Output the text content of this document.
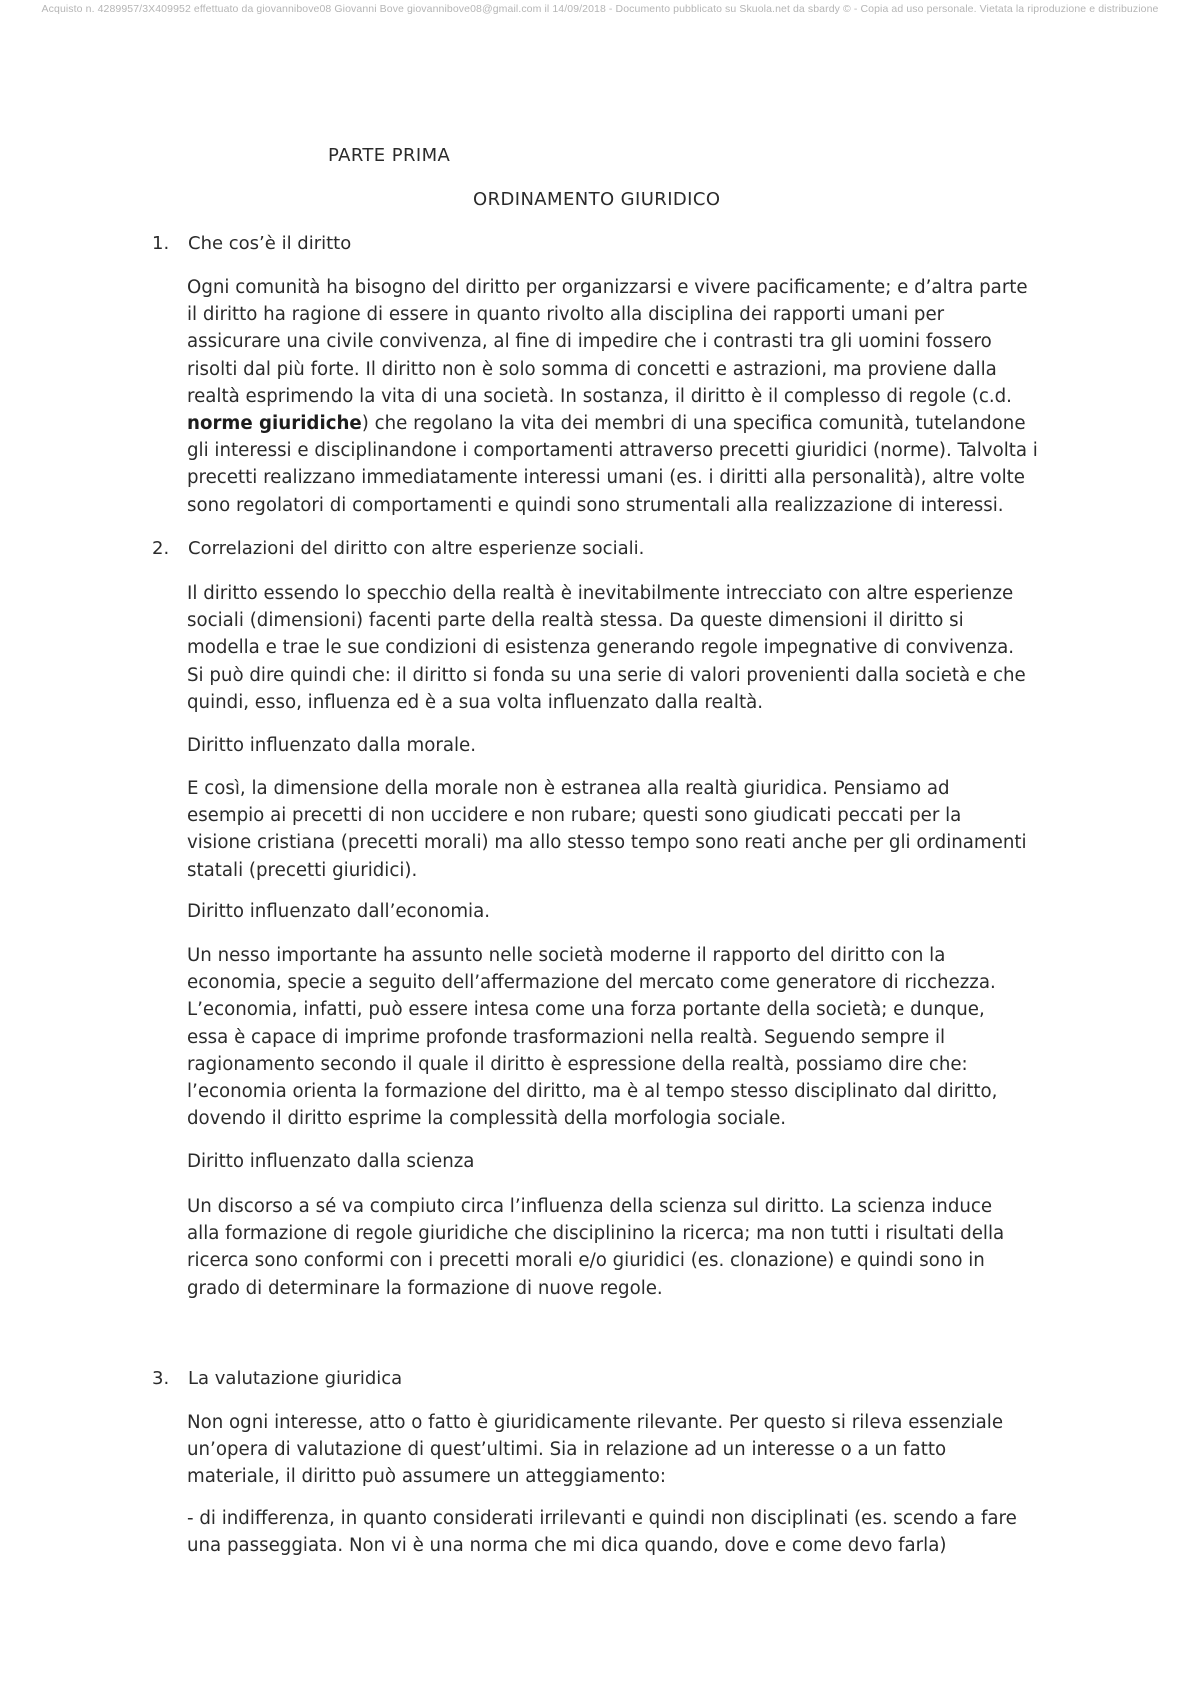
Acquisto n. 4289957/3X409952 effettuato da giovannibove08 Giovanni Bove giovannibove08@gmail.com il 14/09/2018 - Documento pubblicato su Skuola.net da sbardy © - Copia ad uso personale. Vietata la riproduzione e distribuzione
PARTE PRIMA
ORDINAMENTO GIURIDICO
1. Che cos’è il diritto
Ogni comunità ha bisogno del diritto per organizzarsi e vivere pacificamente; e d’altra parte
il diritto ha ragione di essere in quanto rivolto alla disciplina dei rapporti umani per
assicurare una civile convivenza, al fine di impedire che i contrasti tra gli uomini fossero
risolti dal più forte. Il diritto non è solo somma di concetti e astrazioni, ma proviene dalla
realtà esprimendo la vita di una società. In sostanza, il diritto è il complesso di regole (c.d.
norme giuridiche) che regolano la vita dei membri di una specifica comunità, tutelandone
gli interessi e disciplinandone i comportamenti attraverso precetti giuridici (norme). Talvolta i
precetti realizzano immediatamente interessi umani (es. i diritti alla personalità), altre volte
sono regolatori di comportamenti e quindi sono strumentali alla realizzazione di interessi.
2. Correlazioni del diritto con altre esperienze sociali.
Il diritto essendo lo specchio della realtà è inevitabilmente intrecciato con altre esperienze
sociali (dimensioni) facenti parte della realtà stessa. Da queste dimensioni il diritto si
modella e trae le sue condizioni di esistenza generando regole impegnative di convivenza.
Si può dire quindi che: il diritto si fonda su una serie di valori provenienti dalla società e che
quindi, esso, influenza ed è a sua volta influenzato dalla realtà.
Diritto influenzato dalla morale.
E così, la dimensione della morale non è estranea alla realtà giuridica. Pensiamo ad
esempio ai precetti di non uccidere e non rubare; questi sono giudicati peccati per la
visione cristiana (precetti morali) ma allo stesso tempo sono reati anche per gli ordinamenti
statali (precetti giuridici).
Diritto influenzato dall’economia.
Un nesso importante ha assunto nelle società moderne il rapporto del diritto con la
economia, specie a seguito dell’affermazione del mercato come generatore di ricchezza.
L’economia, infatti, può essere intesa come una forza portante della società; e dunque,
essa è capace di imprime profonde trasformazioni nella realtà. Seguendo sempre il
ragionamento secondo il quale il diritto è espressione della realtà, possiamo dire che:
l’economia orienta la formazione del diritto, ma è al tempo stesso disciplinato dal diritto,
dovendo il diritto esprime la complessità della morfologia sociale.
Diritto influenzato dalla scienza
Un discorso a sé va compiuto circa l’influenza della scienza sul diritto. La scienza induce
alla formazione di regole giuridiche che disciplinino la ricerca; ma non tutti i risultati della
ricerca sono conformi con i precetti morali e/o giuridici (es. clonazione) e quindi sono in
grado di determinare la formazione di nuove regole.
3. La valutazione giuridica
Non ogni interesse, atto o fatto è giuridicamente rilevante. Per questo si rileva essenziale
un’opera di valutazione di quest’ultimi. Sia in relazione ad un interesse o a un fatto
materiale, il diritto può assumere un atteggiamento:
- di indifferenza, in quanto considerati irrilevanti e quindi non disciplinati (es. scendo a fare
una passeggiata. Non vi è una norma che mi dica quando, dove e come devo farla)
